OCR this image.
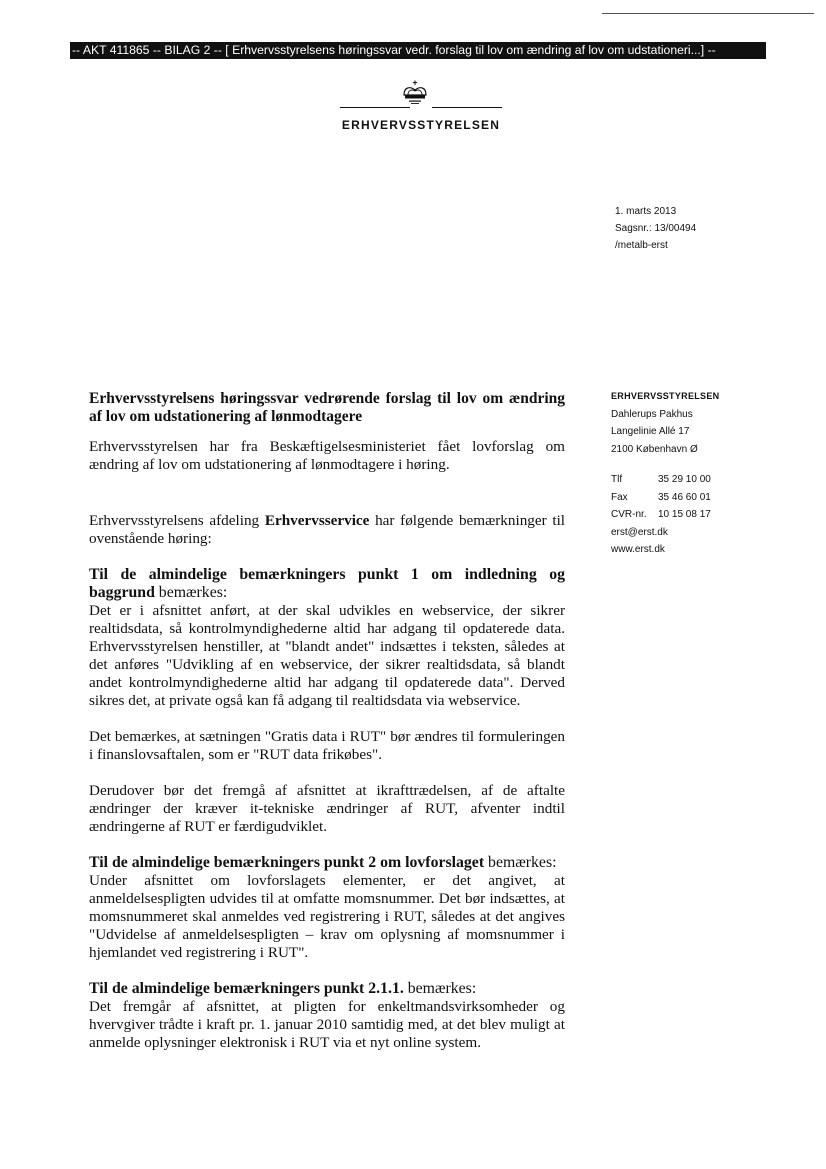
-- AKT 411865 -- BILAG 2 -- [ Erhvervsstyrelsens høringssvar vedr. forslag til lov om ændring af lov om udstationeri...] --
ERHVERVSSTYRELSEN
1. marts 2013
Sagsnr.: 13/00494
/metalb-erst
ERHVERVSSTYRELSEN
Dahlerups Pakhus
Langelinie Allé 17
2100 København Ø
Tlf	35 29 10 00
Fax	35 46 60 01
CVR-nr. 10 15 08 17
erst@erst.dk
www.erst.dk

Erhvervsstyrelsens høringssvar vedrørende forslag til lov om ændring af lov om udstationering af lønmodtagere

Erhvervsstyrelsen har fra Beskæftigelsesministeriet fået lovforslag om ændring af lov om udstationering af lønmodtagere i høring.

Erhvervsstyrelsens afdeling Erhvervsservice har følgende bemærkninger til ovenstående høring:

Til de almindelige bemærkningers punkt 1 om indledning og baggrund bemærkes:

Det er i afsnittet anført, at der skal udvikles en webservice, der sikrer realtidsdata, så kontrolmyndighederne altid har adgang til opdaterede data. Erhvervsstyrelsen henstiller, at "blandt andet" indsættes i teksten, således at det anføres "Udvikling af en webservice, der sikrer realtidsdata, så blandt andet kontrolmyndighederne altid har adgang til opdaterede data". Derved sikres det, at private også kan få adgang til realtidsdata via webservice.

Det bemærkes, at sætningen "Gratis data i RUT" bør ændres til formuleringen i finanslovsaftalen, som er "RUT data frikøbes".

Derudover bør det fremgå af afsnittet at ikrafttrædelsen, af de aftalte ændringer der kræver it-tekniske ændringer af RUT, afventer indtil ændringerne af RUT er færdigudviklet.

Til de almindelige bemærkningers punkt 2 om lovforslaget bemærkes:

Under afsnittet om lovforslagets elementer, er det angivet, at anmeldelsespligten udvides til at omfatte momsnummer. Det bør indsættes, at momsnummeret skal anmeldes ved registrering i RUT, således at det angives "Udvidelse af anmeldelsespligten – krav om oplysning af momsnummer i hjemlandet ved registrering i RUT".

Til de almindelige bemærkningers punkt 2.1.1. bemærkes:

Det fremgår af afsnittet, at pligten for enkeltmandsvirksomheder og hvervgiver trådte i kraft pr. 1. januar 2010 samtidig med, at det blev muligt at anmelde oplysninger elektronisk i RUT via et nyt online system.
